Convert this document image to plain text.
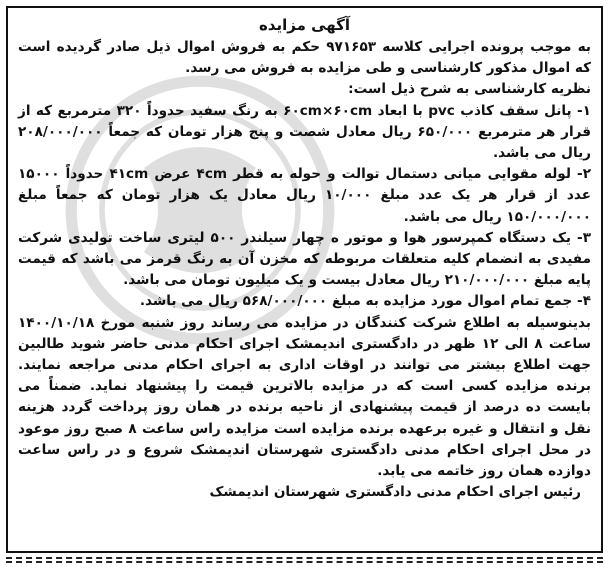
آگهی مزایده

به موجب پرونده اجرایی کلاسه ۹۷۱۶۵۳ حکم به فروش اموال ذیل صادر گردیده است که اموال مذکور کارشناسی و طی مزایده به فروش می رسد.

نظریه کارشناسی به شرح ذیل است:

۱- پانل سقف کاذب pvc با ابعاد ۶۰cm×۶۰cm به رنگ سفید حدوداً ۳۲۰ مترمربع که از قرار هر مترمربع ۶۵۰/۰۰۰ ریال معادل شصت و پنج هزار تومان که جمعاً ۲۰۸/۰۰۰/۰۰۰ ریال می باشد.

۲- لوله مقوایی میانی دستمال توالت و حوله به قطر ۴cm عرض ۴۱cm حدوداً ۱۵۰۰۰ عدد از قرار هر یک عدد مبلغ ۱۰/۰۰۰ ریال معادل یک هزار تومان که جمعاً مبلغ ۱۵۰/۰۰۰/۰۰۰ ریال می باشد.

۳- یک دستگاه کمپرسور هوا و موتور ه چهار سیلندر ۵۰۰ لیتری ساخت تولیدی شرکت مفیدی به انضمام کلیه متعلقات مربوطه که مخزن آن به رنگ قرمز می باشد که قیمت پایه مبلغ ۲۱۰/۰۰۰/۰۰۰ ریال معادل بیست و یک میلیون تومان می باشد.

۴- جمع تمام اموال مورد مزایده به مبلغ ۵۶۸/۰۰۰/۰۰۰ ریال می باشد.

بدینوسیله به اطلاع شرکت کنندگان در مزایده می رساند روز شنبه مورخ ۱۴۰۰/۱۰/۱۸ ساعت ۸ الی ۱۲ ظهر در دادگستری اندیمشک اجرای احکام مدنی حاضر شوید طالبین جهت اطلاع بیشتر می توانند در اوقات اداری به اجرای احکام مدنی مراجعه نمایند. برنده مزایده کسی است که در مزایده بالاترین قیمت را پیشنهاد نماید. ضمناً می بایست ده درصد از قیمت پیشنهادی از ناحیه برنده در همان روز پرداخت گردد هزینه نقل و انتقال و غیره برعهده برنده مزایده است مزایده راس ساعت ۸ صبح روز موعود در محل اجرای احکام مدنی دادگستری شهرستان اندیمشک شروع و در راس ساعت دوازده همان روز خاتمه می یابد.

رئیس اجرای احکام مدنی دادگستری شهرستان اندیمشک
